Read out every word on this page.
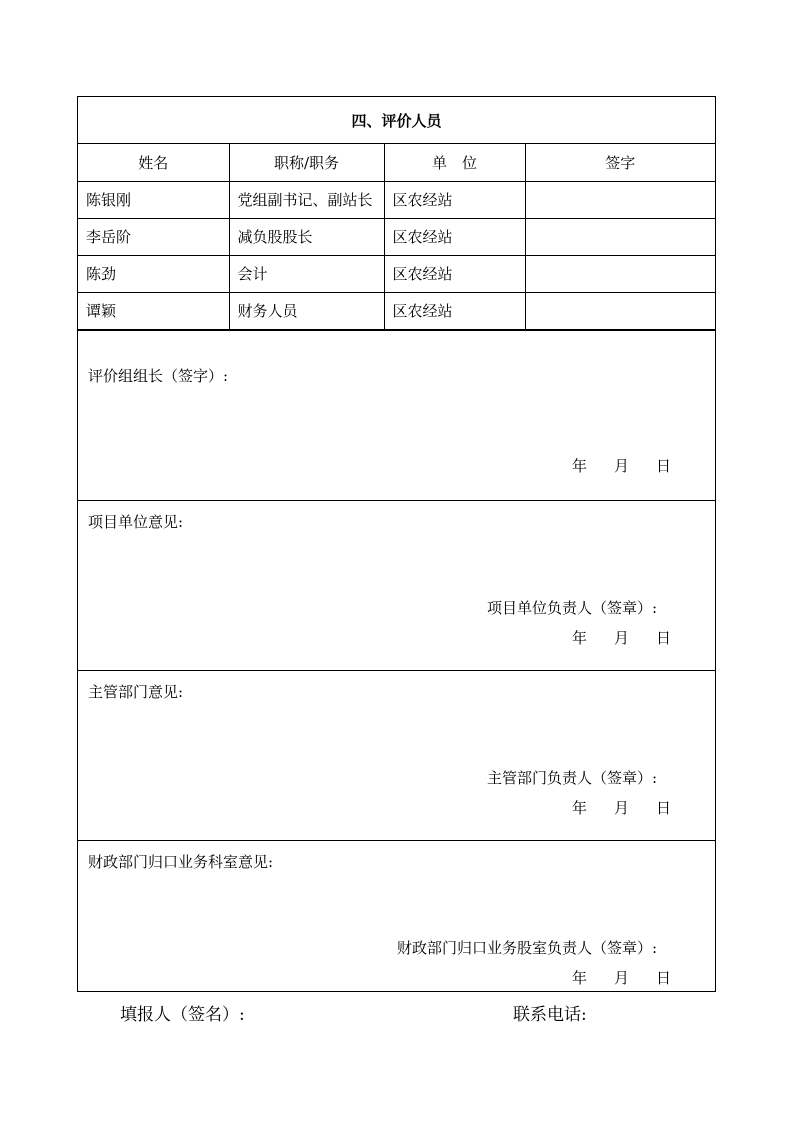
四、评价人员
姓名	职称/职务	单　位	签字
陈银刚	党组副书记、副站长	区农经站	
李岳阶	减负股股长	区农经站	
陈劲	会计	区农经站	
谭颖	财务人员	区农经站	
评价组组长（签字）:
年	月	日
项目单位意见:
项目单位负责人（签章）:
年	月	日
主管部门意见:
主管部门负责人（签章）:
年	月	日
财政部门归口业务科室意见:
财政部门归口业务股室负责人（签章）:
年	月	日
填报人（签名）:	联系电话:
